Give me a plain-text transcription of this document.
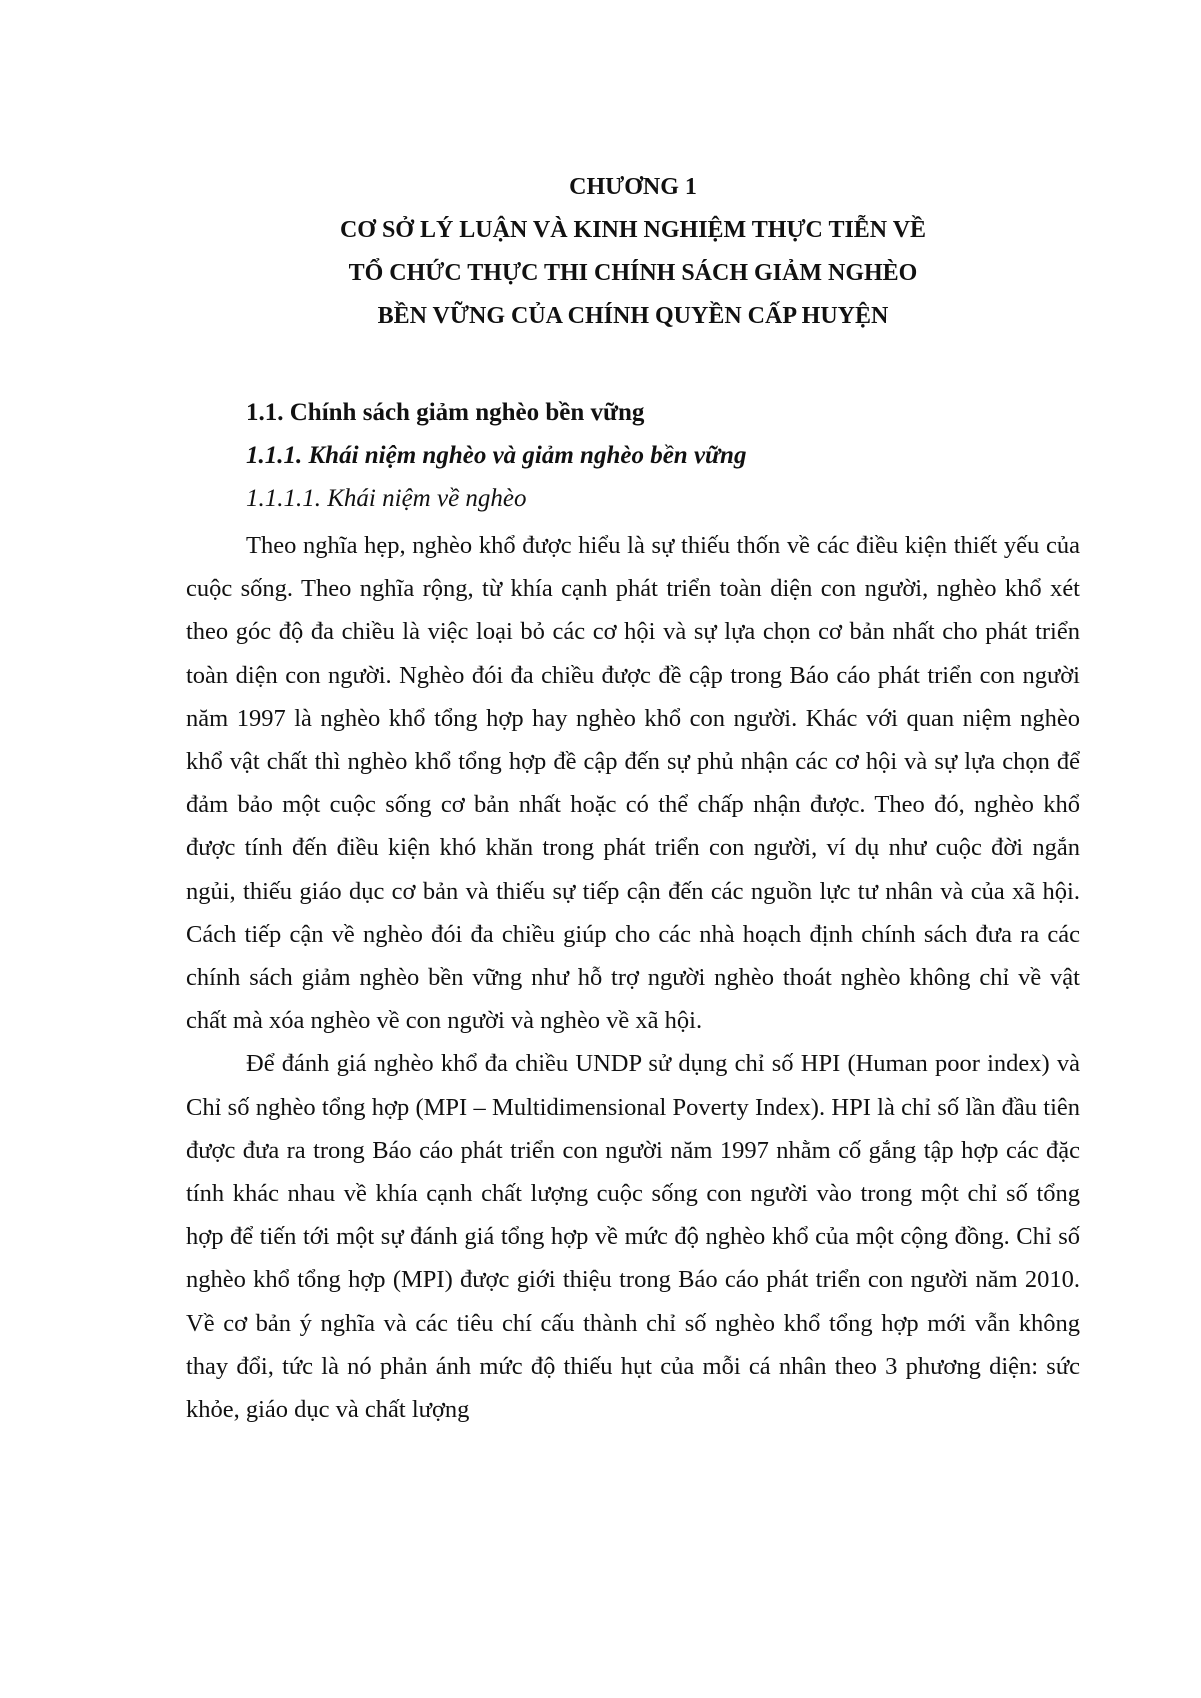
CHƯƠNG 1

CƠ SỞ LÝ LUẬN VÀ KINH NGHIỆM THỰC TIỄN VỀ

TỔ CHỨC THỰC THI CHÍNH SÁCH GIẢM NGHÈO

BỀN VỮNG CỦA CHÍNH QUYỀN CẤP HUYỆN

1.1. Chính sách giảm nghèo bền vững

1.1.1. Khái niệm nghèo và giảm nghèo bền vững

1.1.1.1. Khái niệm về nghèo

Theo nghĩa hẹp, nghèo khổ được hiểu là sự thiếu thốn về các điều kiện thiết yếu của cuộc sống. Theo nghĩa rộng, từ khía cạnh phát triển toàn diện con người, nghèo khổ xét theo góc độ đa chiều là việc loại bỏ các cơ hội và sự lựa chọn cơ bản nhất cho phát triển toàn diện con người. Nghèo đói đa chiều được đề cập trong Báo cáo phát triển con người năm 1997 là nghèo khổ tổng hợp hay nghèo khổ con người. Khác với quan niệm nghèo khổ vật chất thì nghèo khổ tổng hợp đề cập đến sự phủ nhận các cơ hội và sự lựa chọn để đảm bảo một cuộc sống cơ bản nhất hoặc có thể chấp nhận được. Theo đó, nghèo khổ được tính đến điều kiện khó khăn trong phát triển con người, ví dụ như cuộc đời ngắn ngủi, thiếu giáo dục cơ bản và thiếu sự tiếp cận đến các nguồn lực tư nhân và của xã hội. Cách tiếp cận về nghèo đói đa chiều giúp cho các nhà hoạch định chính sách đưa ra các chính sách giảm nghèo bền vững như hỗ trợ người nghèo thoát nghèo không chỉ về vật chất mà xóa nghèo về con người và nghèo về xã hội.

Để đánh giá nghèo khổ đa chiều UNDP sử dụng chỉ số HPI (Human poor index) và Chỉ số nghèo tổng hợp (MPI – Multidimensional Poverty Index). HPI là chỉ số lần đầu tiên được đưa ra trong Báo cáo phát triển con người năm 1997 nhằm cố gắng tập hợp các đặc tính khác nhau về khía cạnh chất lượng cuộc sống con người vào trong một chỉ số tổng hợp để tiến tới một sự đánh giá tổng hợp về mức độ nghèo khổ của một cộng đồng. Chỉ số nghèo khổ tổng hợp (MPI) được giới thiệu trong Báo cáo phát triển con người năm 2010. Về cơ bản ý nghĩa và các tiêu chí cấu thành chỉ số nghèo khổ tổng hợp mới vẫn không thay đổi, tức là nó phản ánh mức độ thiếu hụt của mỗi cá nhân theo 3 phương diện: sức khỏe, giáo dục và chất lượng
